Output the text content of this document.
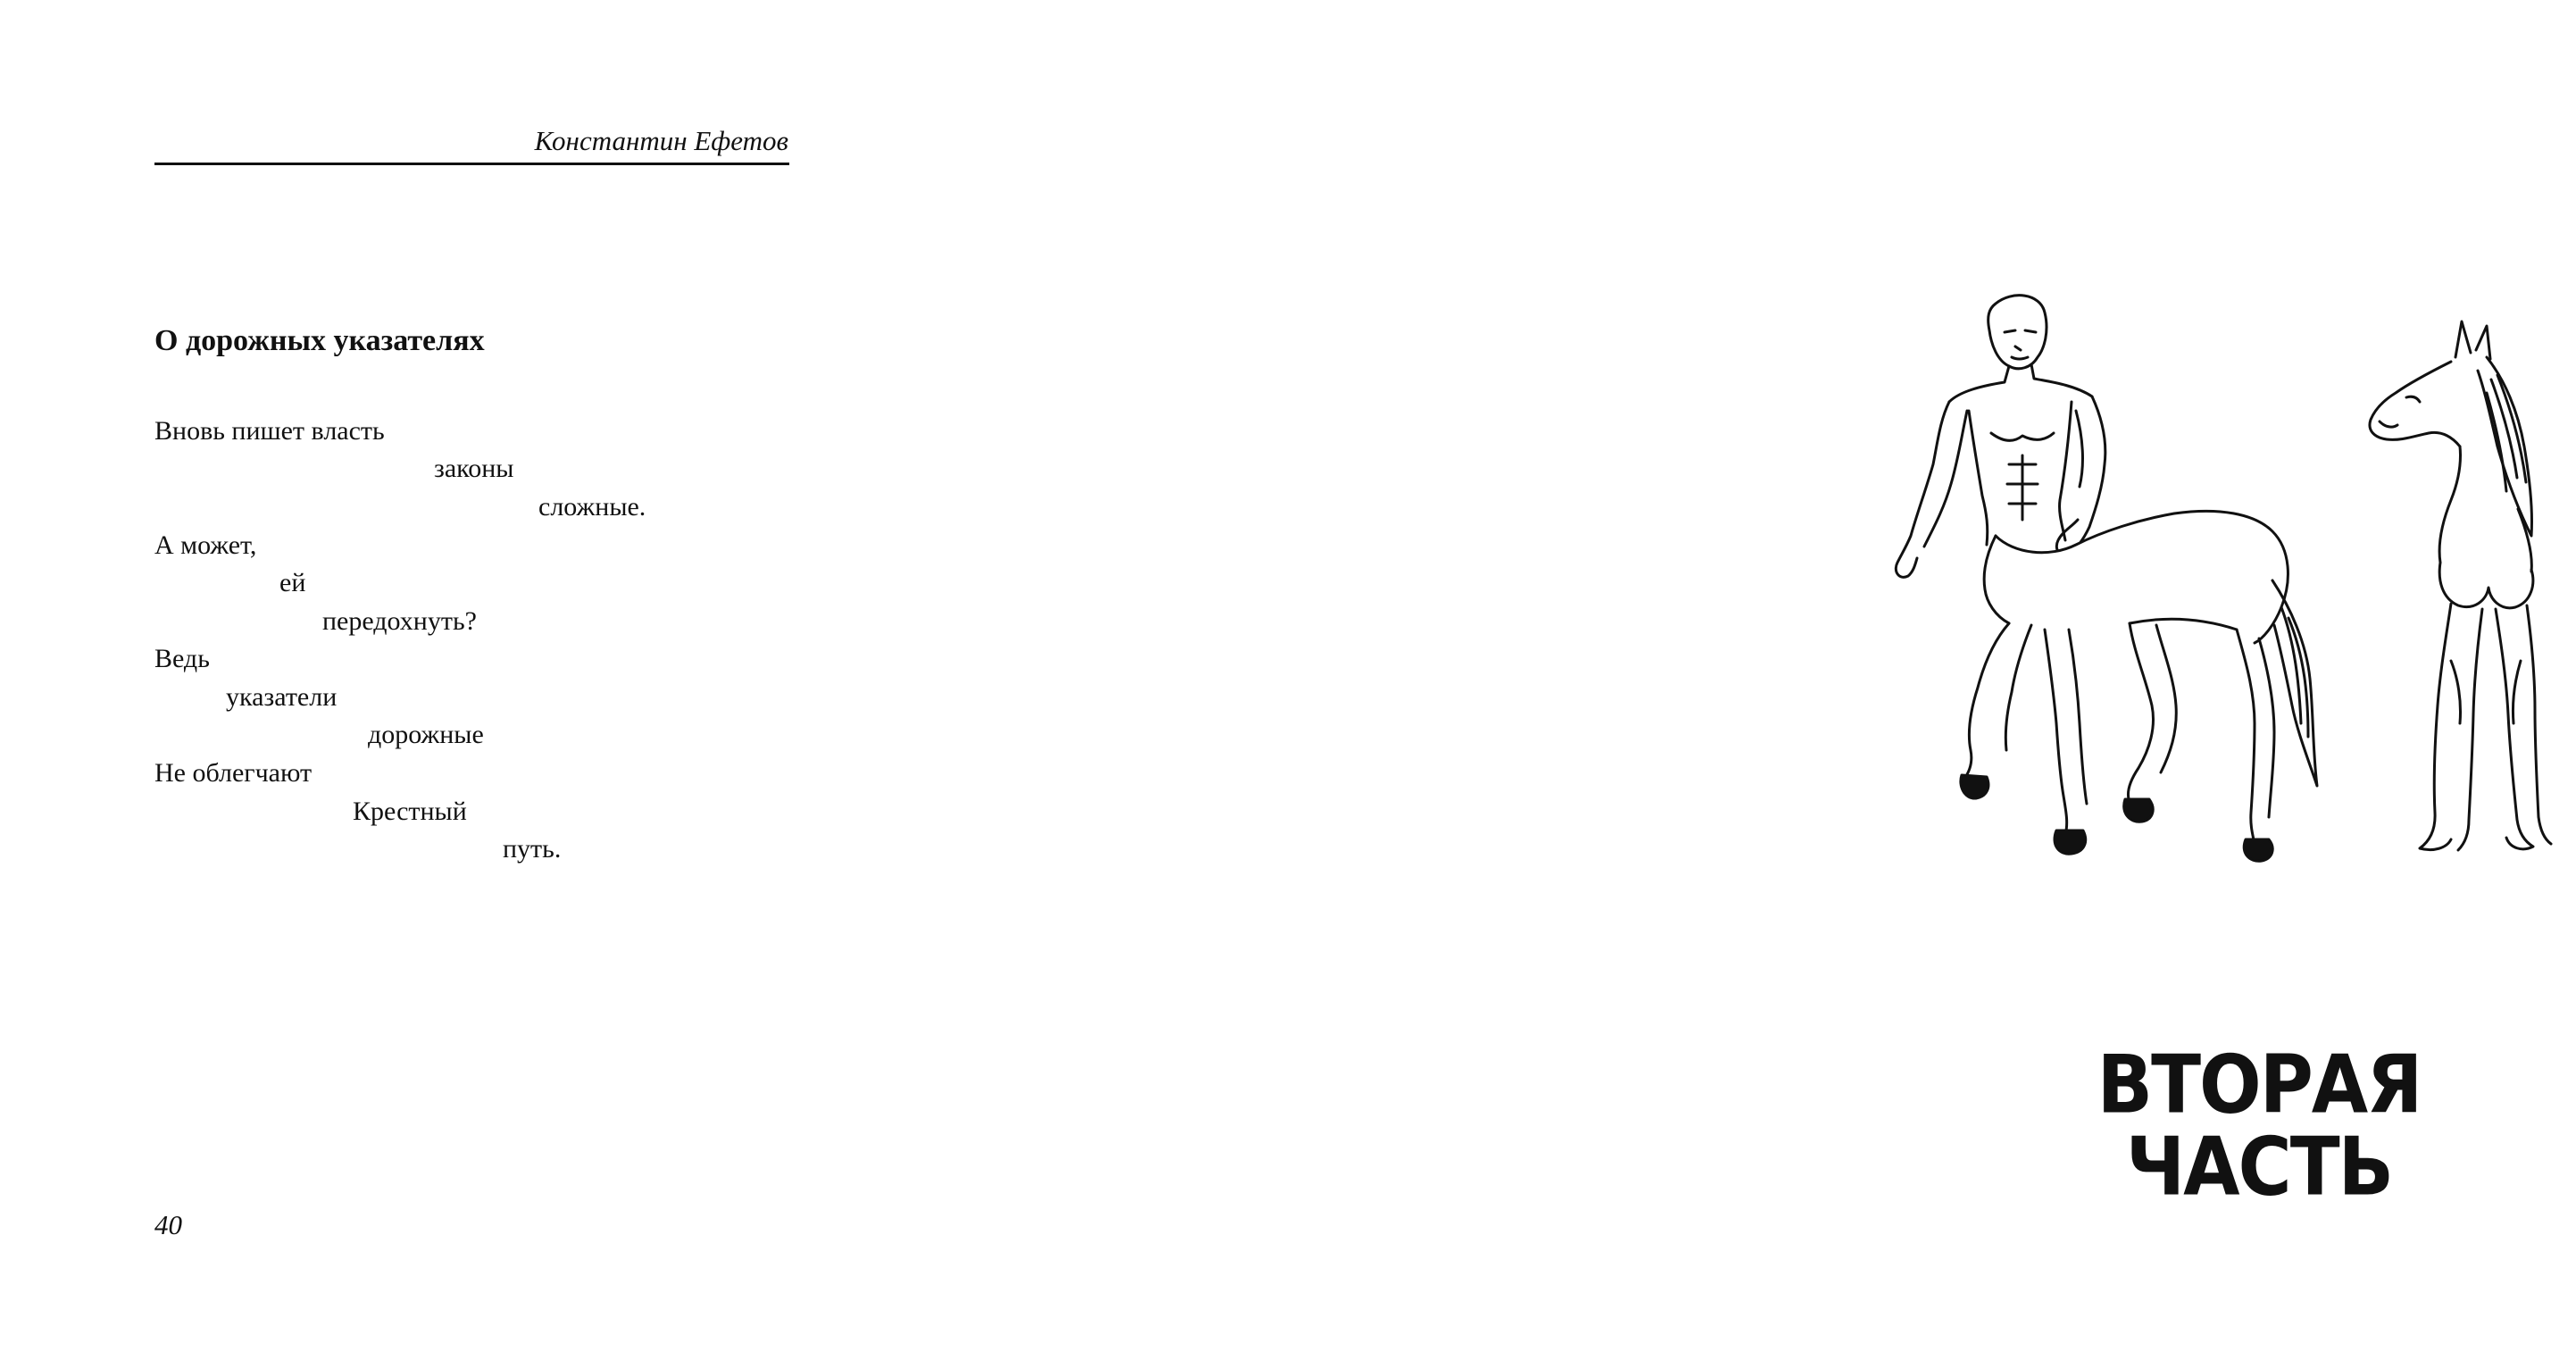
Константин Ефетов
О дорожных указателях
Вновь пишет власть
законы
сложные.
А может,
ей
передохнуть?
Ведь
указатели
дорожные
Не облегчают
Крестный
путь.
40
ВТОРАЯ
ЧАСТЬ
